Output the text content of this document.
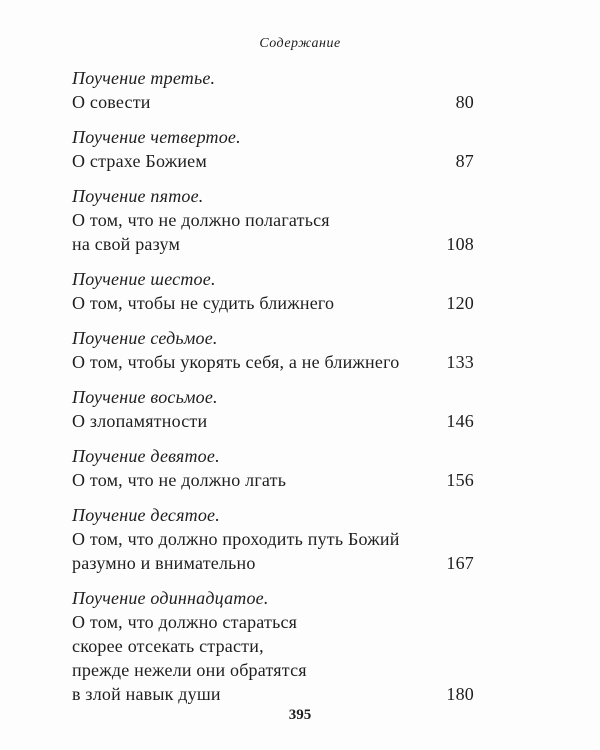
Содержание
Поучение третье.
О совести	80
Поучение четвертое.
О страхе Божием	87
Поучение пятое.
О том, что не должно полагаться
на свой разум	108
Поучение шестое.
О том, чтобы не судить ближнего	120
Поучение седьмое.
О том, чтобы укорять себя, а не ближнего	133
Поучение восьмое.
О злопамятности	146
Поучение девятое.
О том, что не должно лгать	156
Поучение десятое.
О том, что должно проходить путь Божий
разумно и внимательно	167
Поучение одиннадцатое.
О том, что должно стараться
скорее отсекать страсти,
прежде нежели они обратятся
в злой навык души	180
395
